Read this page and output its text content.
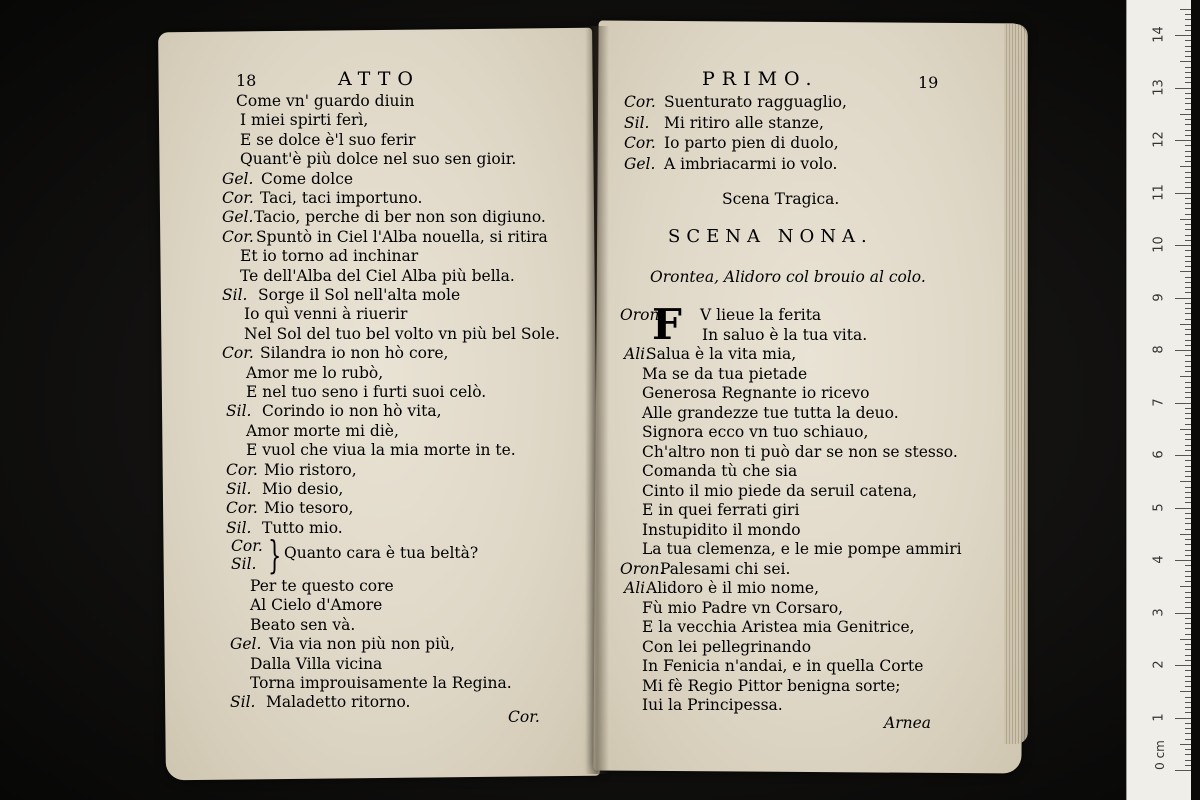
18	ATTO
Cor.
Come vn' guardo diuin
I miei spirti ferì,
E se dolce è'l suo ferir
Quant'è più dolce nel suo sen gioir.
Gel. Come dolce
Cor. Taci, taci importuno.
Gel. Tacio, perche di ber non son digiuno.
Cor. Spuntò in Ciel l'Alba nouella, si ritira
Et io torno ad inchinar
Te dell'Alba del Ciel Alba più bella.
Sil. Sorge il Sol nell'alta mole
Io quì venni à riuerir
Nel Sol del tuo bel volto vn più bel Sole.
Cor. Silandra io non hò core,
Amor me lo rubò,
E nel tuo seno i furti suoi celò.
Sil. Corindo io non hò vita,
Amor morte mi diè,
E vuol che viua la mia morte in te.
Cor. Mio ristoro,
Sil. Mio desio,
Cor. Mio tesoro,
Sil. Tutto mio.
Cor.
Sil.
Quanto cara è tua beltà?
Per te questo core
Al Cielo d'Amore
Beato sen và.
Gel. Via via non più non più,
Dalla Villa vicina
Torna improuisamente la Regina.
Sil. Maladetto ritorno.
}
PRIMO.	19
Scena Tragica.
SCENA NONA.
Orontea, Alidoro col brouio al colo.
Arnea
Cor. Suenturato ragguaglio,
Sil. Mi ritiro alle stanze,
Cor. Io parto pien di duolo,
Gel. A imbriacarmi io volo.
Oron. V lieue la ferita
In saluo è la tua vita.
Ali.
Salua è la vita mia,
Ma se da tua pietade
Generosa Regnante io ricevo
Alle grandezze tue tutta la deuo.
Signora ecco vn tuo schiauo,
Ch'altro non ti può dar se non se stesso.
Comanda tù che sia
Cinto il mio piede da seruil catena,
E in quei ferrati giri
Instupidito il mondo
La tua clemenza, e le mie pompe ammiri
Oron.
Palesami chi sei.
Ali.
Alidoro è il mio nome,
Fù mio Padre vn Corsaro,
E la vecchia Aristea mia Genitrice,
Con lei pellegrinando
In Fenicia n'andai, e in quella Corte
Mi fè Regio Pittor benigna sorte;
Iui la Principessa.
F
14
13
12
11
10
9
8
7
6
5
4
3
2
1
0 cm
